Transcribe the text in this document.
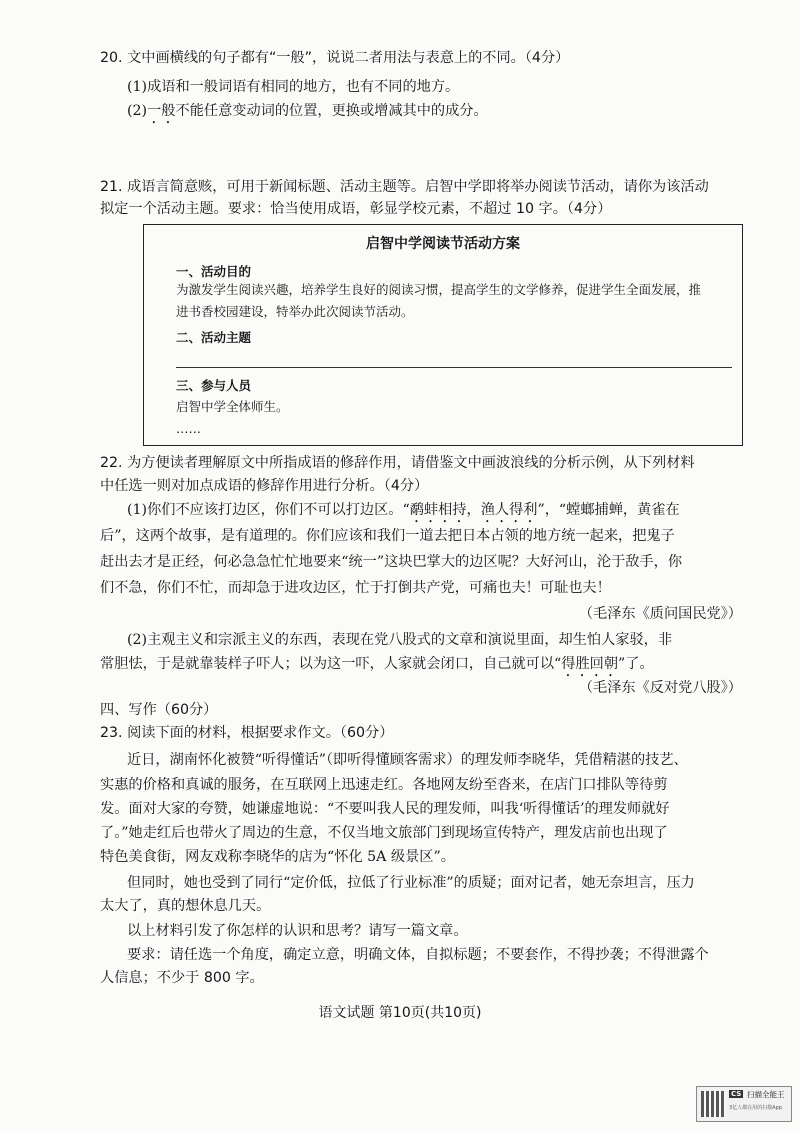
20. 文中画横线的句子都有“一般”，说说二者用法与表意上的不同。（4分）

(1)成语和一般词语有相同的地方，也有不同的地方。

(2)一般不能任意变动词的位置，更换或增减其中的成分。

21. 成语言简意赅，可用于新闻标题、活动主题等。启智中学即将举办阅读节活动，请你为该活动

拟定一个活动主题。要求：恰当使用成语，彰显学校元素，不超过 10 字。（4分）

启智中学阅读节活动方案

一、活动目的

为激发学生阅读兴趣，培养学生良好的阅读习惯，提高学生的文学修养，促进学生全面发展，推

进书香校园建设，特举办此次阅读节活动。

二、活动主题

三、参与人员

启智中学全体师生。

……

22. 为方便读者理解原文中所指成语的修辞作用，请借鉴文中画波浪线的分析示例，从下列材料

中任选一则对加点成语的修辞作用进行分析。（4分）

(1)你们不应该打边区，你们不可以打边区。“鹬蚌相持，渔人得利”，“螳螂捕蝉，黄雀在

后”，这两个故事，是有道理的。你们应该和我们一道去把日本占领的地方统一起来，把鬼子

赶出去才是正经，何必急急忙忙地要来“统一”这块巴掌大的边区呢？大好河山，沦于敌手，你

们不急，你们不忙，而却急于进攻边区，忙于打倒共产党，可痛也夫！可耻也夫！

（毛泽东《质问国民党》）

(2)主观主义和宗派主义的东西，表现在党八股式的文章和演说里面，却生怕人家驳，非

常胆怯，于是就靠装样子吓人；以为这一吓，人家就会闭口，自己就可以“得胜回朝”了。

（毛泽东《反对党八股》）

四、写作（60分）

23. 阅读下面的材料，根据要求作文。（60分）

近日，湖南怀化被赞“听得懂话”（即听得懂顾客需求）的理发师李晓华，凭借精湛的技艺、

实惠的价格和真诚的服务，在互联网上迅速走红。各地网友纷至沓来，在店门口排队等待剪

发。面对大家的夸赞，她谦虚地说：“不要叫我人民的理发师，叫我‘听得懂话’的理发师就好

了。”她走红后也带火了周边的生意，不仅当地文旅部门到现场宣传特产，理发店前也出现了

特色美食街，网友戏称李晓华的店为“怀化 5A 级景区”。

但同时，她也受到了同行“定价低，拉低了行业标准”的质疑；面对记者，她无奈坦言，压力

太大了，真的想休息几天。

以上材料引发了你怎样的认识和思考？请写一篇文章。

要求：请任选一个角度，确定立意，明确文体，自拟标题；不要套作，不得抄袭；不得泄露个

人信息；不少于 800 字。

语文试题 第10页(共10页)

CS 扫描全能王
3亿人都在用的扫描App
